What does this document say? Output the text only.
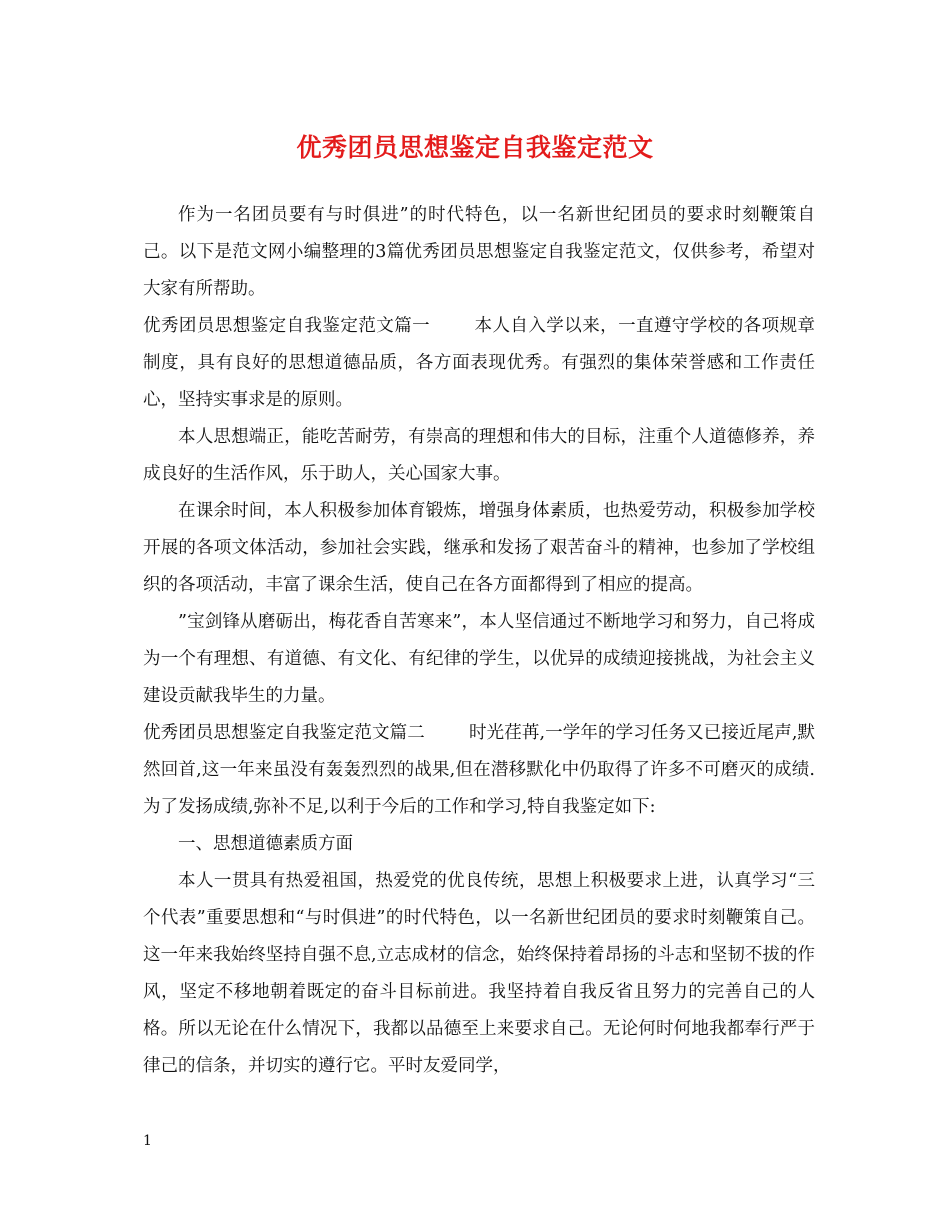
优秀团员思想鉴定自我鉴定范文

作为一名团员要有与时俱进”的时代特色，以一名新世纪团员的要求时刻鞭策自己。以下是范文网小编整理的3篇优秀团员思想鉴定自我鉴定范文，仅供参考，希望对大家有所帮助。

优秀团员思想鉴定自我鉴定范文篇一	本人自入学以来，一直遵守学校的各项规章制度，具有良好的思想道德品质，各方面表现优秀。有强烈的集体荣誉感和工作责任心，坚持实事求是的原则。

本人思想端正，能吃苦耐劳，有崇高的理想和伟大的目标，注重个人道德修养，养成良好的生活作风，乐于助人，关心国家大事。

在课余时间，本人积极参加体育锻炼，增强身体素质，也热爱劳动，积极参加学校开展的各项文体活动，参加社会实践，继承和发扬了艰苦奋斗的精神，也参加了学校组织的各项活动，丰富了课余生活，使自己在各方面都得到了相应的提高。

”宝剑锋从磨砺出，梅花香自苦寒来”，本人坚信通过不断地学习和努力，自己将成为一个有理想、有道德、有文化、有纪律的学生，以优异的成绩迎接挑战，为社会主义建设贡献我毕生的力量。

优秀团员思想鉴定自我鉴定范文篇二	时光荏苒,一学年的学习任务又已接近尾声,默然回首,这一年来虽没有轰轰烈烈的战果,但在潜移默化中仍取得了许多不可磨灭的成绩.为了发扬成绩,弥补不足,以利于今后的工作和学习,特自我鉴定如下:

一、思想道德素质方面

本人一贯具有热爱祖国，热爱党的优良传统，思想上积极要求上进，认真学习“三个代表”重要思想和“与时俱进”的时代特色，以一名新世纪团员的要求时刻鞭策自己。这一年来我始终坚持自强不息,立志成材的信念，始终保持着昂扬的斗志和坚韧不拔的作风，坚定不移地朝着既定的奋斗目标前进。我坚持着自我反省且努力的完善自己的人格。所以无论在什么情况下，我都以品德至上来要求自己。无论何时何地我都奉行严于律己的信条，并切实的遵行它。平时友爱同学，

1
